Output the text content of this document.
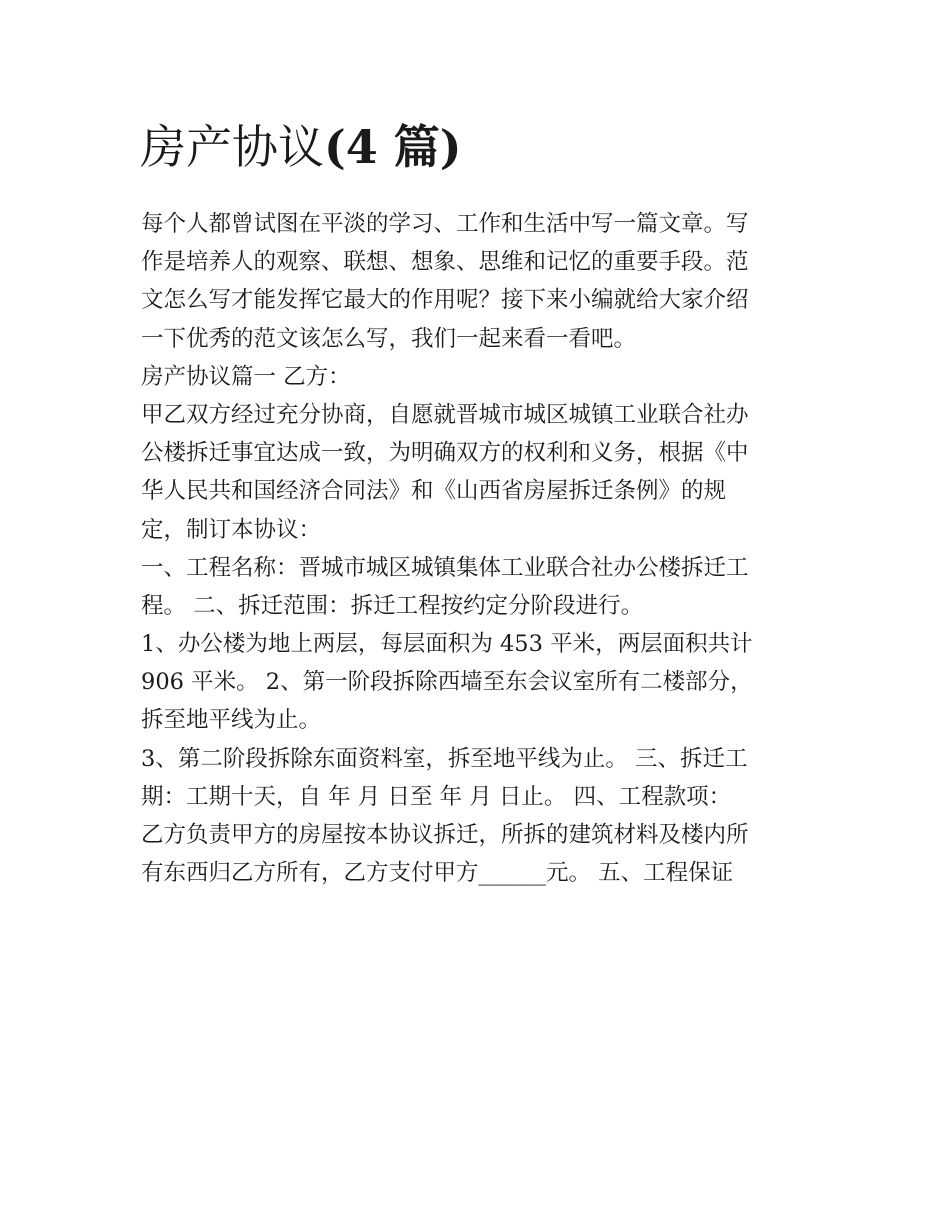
房产协议(4 篇)
每个人都曾试图在平淡的学习、工作和生活中写一篇文章。写
作是培养人的观察、联想、想象、思维和记忆的重要手段。范
文怎么写才能发挥它最大的作用呢？接下来小编就给大家介绍
一下优秀的范文该怎么写，我们一起来看一看吧。
房产协议篇一 乙方：
甲乙双方经过充分协商，自愿就晋城市城区城镇工业联合社办
公楼拆迁事宜达成一致，为明确双方的权利和义务，根据《中
华人民共和国经济合同法》和《山西省房屋拆迁条例》的规
定，制订本协议：
一、工程名称：晋城市城区城镇集体工业联合社办公楼拆迁工
程。 二、拆迁范围：拆迁工程按约定分阶段进行。
1、办公楼为地上两层，每层面积为 453 平米，两层面积共计
906 平米。 2、第一阶段拆除西墙至东会议室所有二楼部分，
拆至地平线为止。
3、第二阶段拆除东面资料室，拆至地平线为止。 三、拆迁工
期：工期十天，自 年 月 日至 年 月 日止。 四、工程款项：
乙方负责甲方的房屋按本协议拆迁，所拆的建筑材料及楼内所
有东西归乙方所有，乙方支付甲方______元。 五、工程保证
